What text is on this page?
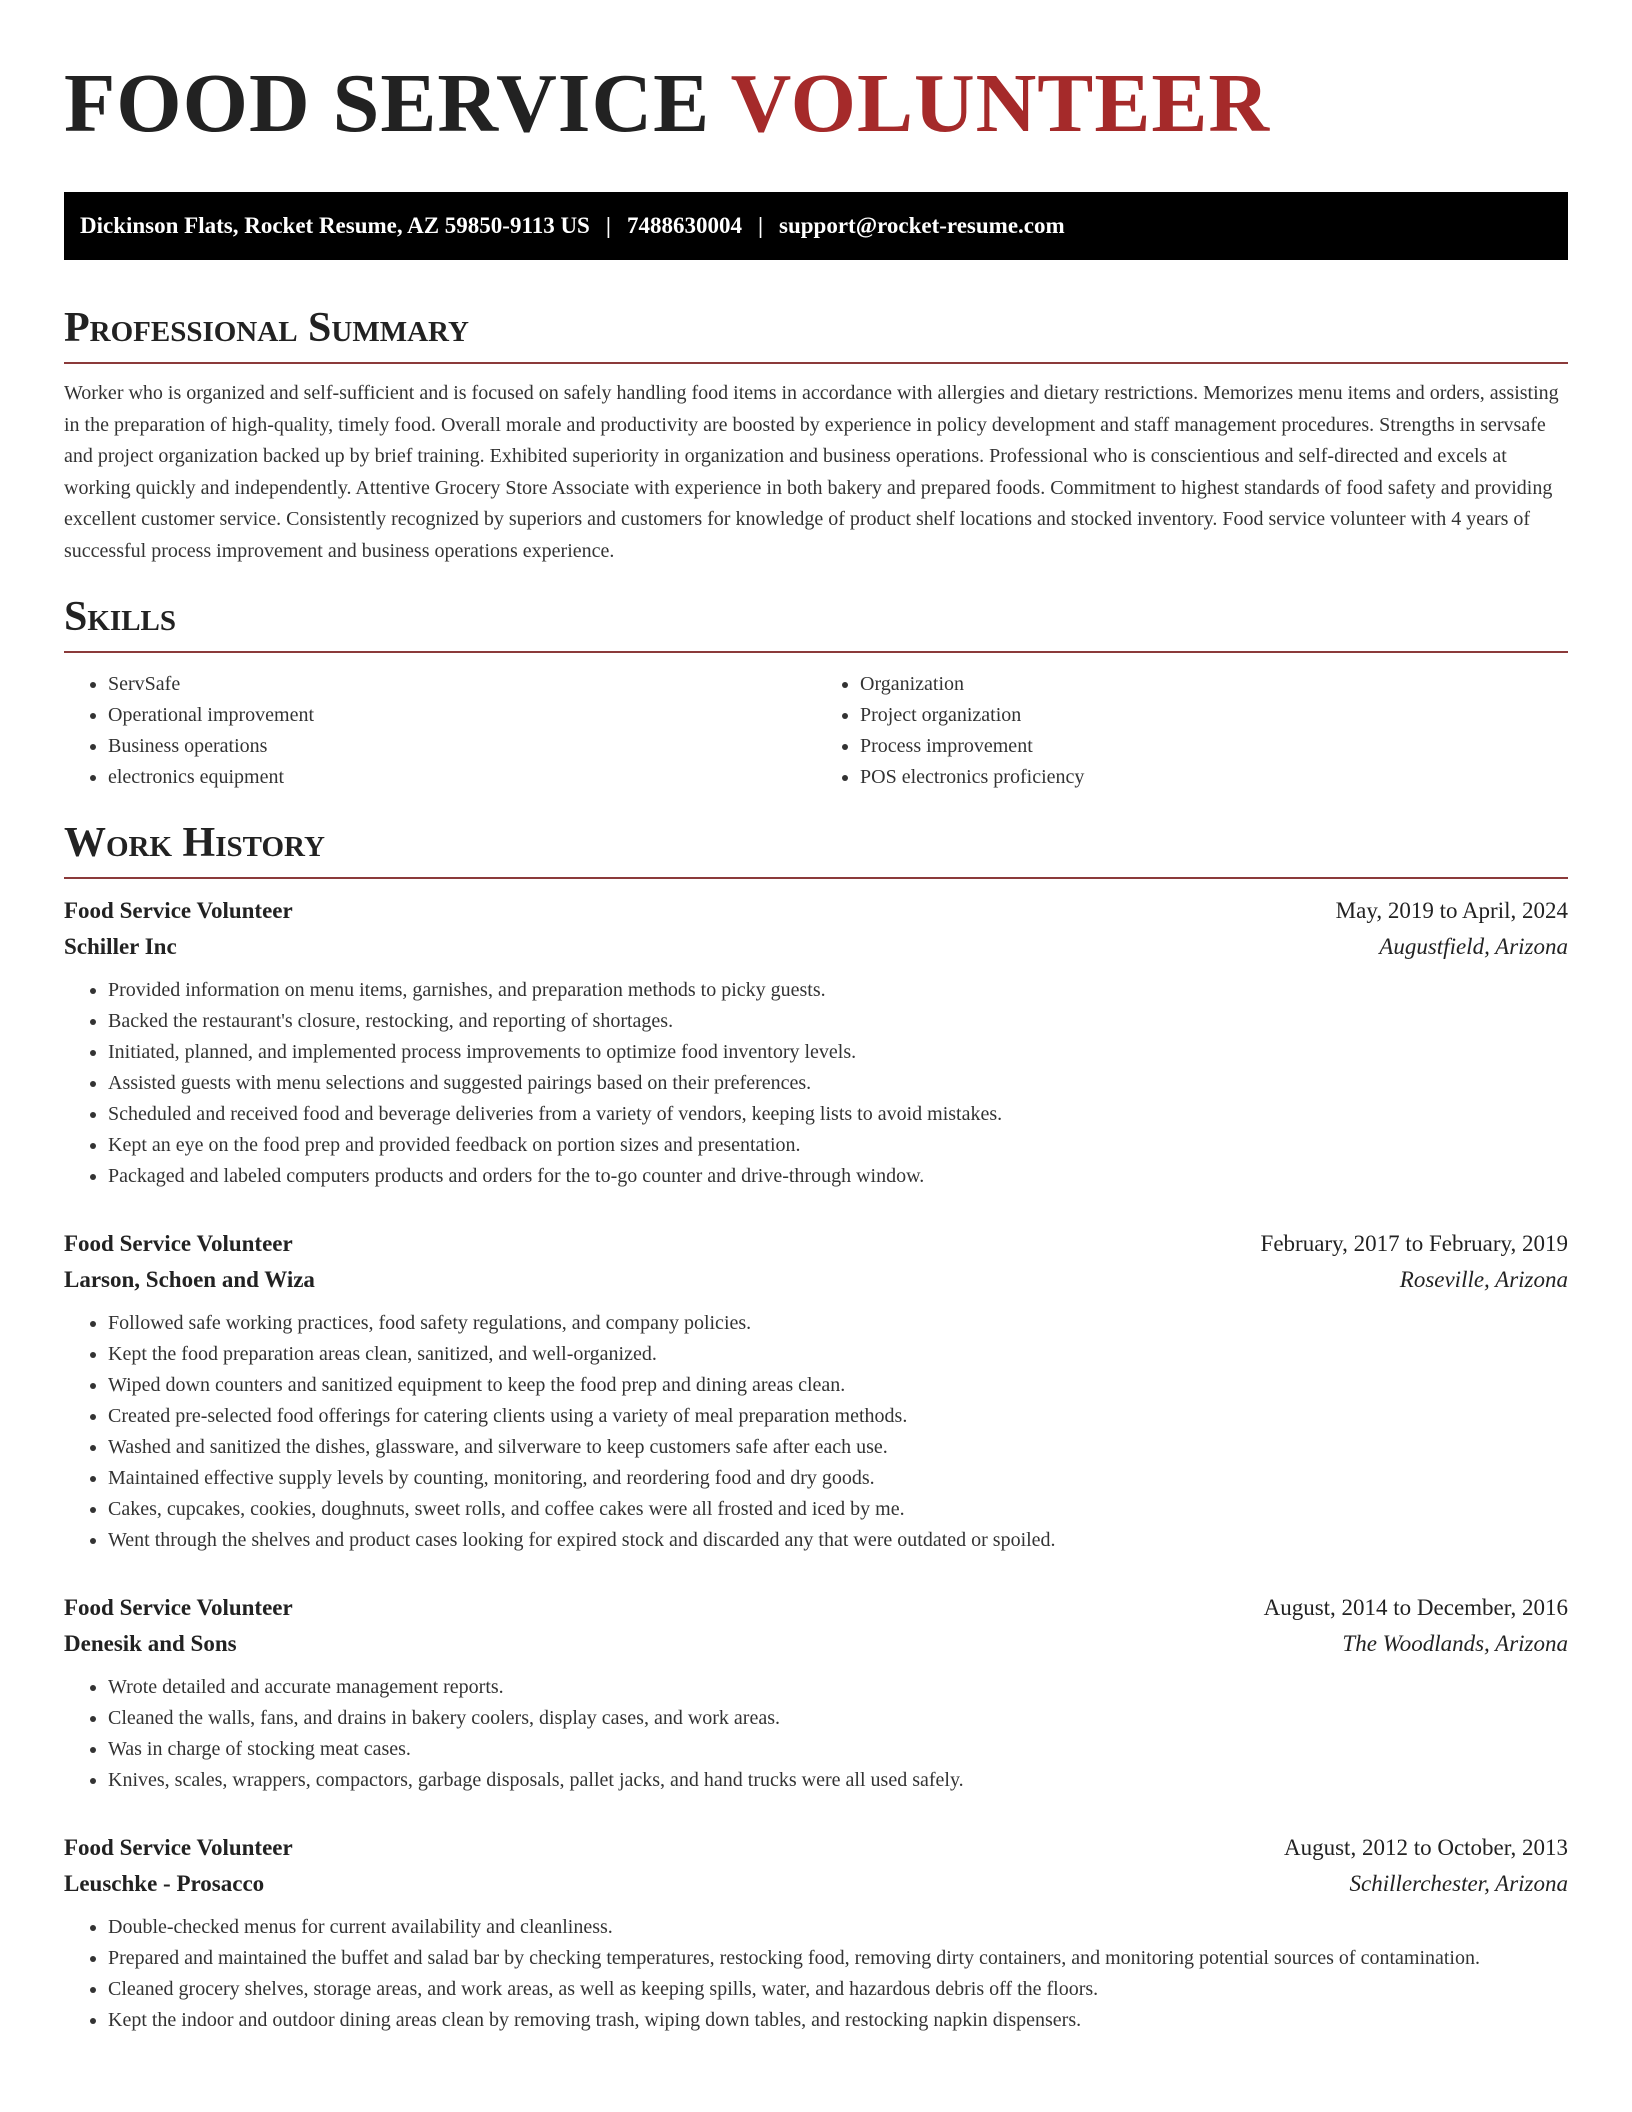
FOOD SERVICE VOLUNTEER
Dickinson Flats, Rocket Resume, AZ 59850-9113 US | 7488630004 | support@rocket-resume.com
Professional Summary

Worker who is organized and self-sufficient and is focused on safely handling food items in accordance with allergies and dietary restrictions. Memorizes menu items and orders, assisting in the preparation of high-quality, timely food. Overall morale and productivity are boosted by experience in policy development and staff management procedures. Strengths in servsafe and project organization backed up by brief training. Exhibited superiority in organization and business operations. Professional who is conscientious and self-directed and excels at working quickly and independently. Attentive Grocery Store Associate with experience in both bakery and prepared foods. Commitment to highest standards of food safety and providing excellent customer service. Consistently recognized by superiors and customers for knowledge of product shelf locations and stocked inventory. Food service volunteer with 4 years of successful process improvement and business operations experience.

Skills
• ServSafe
• Operational improvement
• Business operations
• electronics equipment
• Organization
• Project organization
• Process improvement
• POS electronics proficiency
Work History
Food Service Volunteer	May, 2019 to April, 2024
Schiller Inc	Augustfield, Arizona
• Provided information on menu items, garnishes, and preparation methods to picky guests.
• Backed the restaurant's closure, restocking, and reporting of shortages.
• Initiated, planned, and implemented process improvements to optimize food inventory levels.
• Assisted guests with menu selections and suggested pairings based on their preferences.
• Scheduled and received food and beverage deliveries from a variety of vendors, keeping lists to avoid mistakes.
• Kept an eye on the food prep and provided feedback on portion sizes and presentation.
• Packaged and labeled computers products and orders for the to-go counter and drive-through window.
Food Service Volunteer	February, 2017 to February, 2019
Larson, Schoen and Wiza	Roseville, Arizona
• Followed safe working practices, food safety regulations, and company policies.
• Kept the food preparation areas clean, sanitized, and well-organized.
• Wiped down counters and sanitized equipment to keep the food prep and dining areas clean.
• Created pre-selected food offerings for catering clients using a variety of meal preparation methods.
• Washed and sanitized the dishes, glassware, and silverware to keep customers safe after each use.
• Maintained effective supply levels by counting, monitoring, and reordering food and dry goods.
• Cakes, cupcakes, cookies, doughnuts, sweet rolls, and coffee cakes were all frosted and iced by me.
• Went through the shelves and product cases looking for expired stock and discarded any that were outdated or spoiled.
Food Service Volunteer	August, 2014 to December, 2016
Denesik and Sons	The Woodlands, Arizona
• Wrote detailed and accurate management reports.
• Cleaned the walls, fans, and drains in bakery coolers, display cases, and work areas.
• Was in charge of stocking meat cases.
• Knives, scales, wrappers, compactors, garbage disposals, pallet jacks, and hand trucks were all used safely.
Food Service Volunteer	August, 2012 to October, 2013
Leuschke - Prosacco	Schillerchester, Arizona
• Double-checked menus for current availability and cleanliness.
• Prepared and maintained the buffet and salad bar by checking temperatures, restocking food, removing dirty containers, and monitoring potential sources of contamination.
• Cleaned grocery shelves, storage areas, and work areas, as well as keeping spills, water, and hazardous debris off the floors.
• Kept the indoor and outdoor dining areas clean by removing trash, wiping down tables, and restocking napkin dispensers.
